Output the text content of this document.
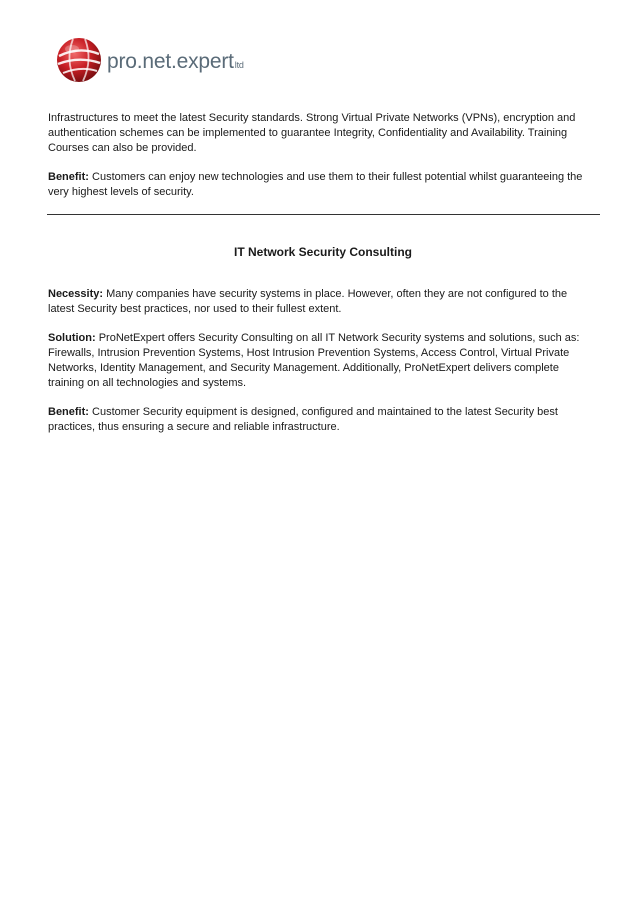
pro.net.expert ltd

Infrastructures to meet the latest Security standards. Strong Virtual Private Networks (VPNs), encryption and authentication schemes can be implemented to guarantee Integrity, Confidentiality and Availability. Training Courses can also be provided.

Benefit: Customers can enjoy new technologies and use them to their fullest potential whilst guaranteeing the very highest levels of security.

IT Network Security Consulting

Necessity: Many companies have security systems in place. However, often they are not configured to the latest Security best practices, nor used to their fullest extent.

Solution: ProNetExpert offers Security Consulting on all IT Network Security systems and solutions, such as: Firewalls, Intrusion Prevention Systems, Host Intrusion Prevention Systems, Access Control, Virtual Private Networks, Identity Management, and Security Management. Additionally, ProNetExpert delivers complete training on all technologies and systems.

Benefit: Customer Security equipment is designed, configured and maintained to the latest Security best practices, thus ensuring a secure and reliable infrastructure.
